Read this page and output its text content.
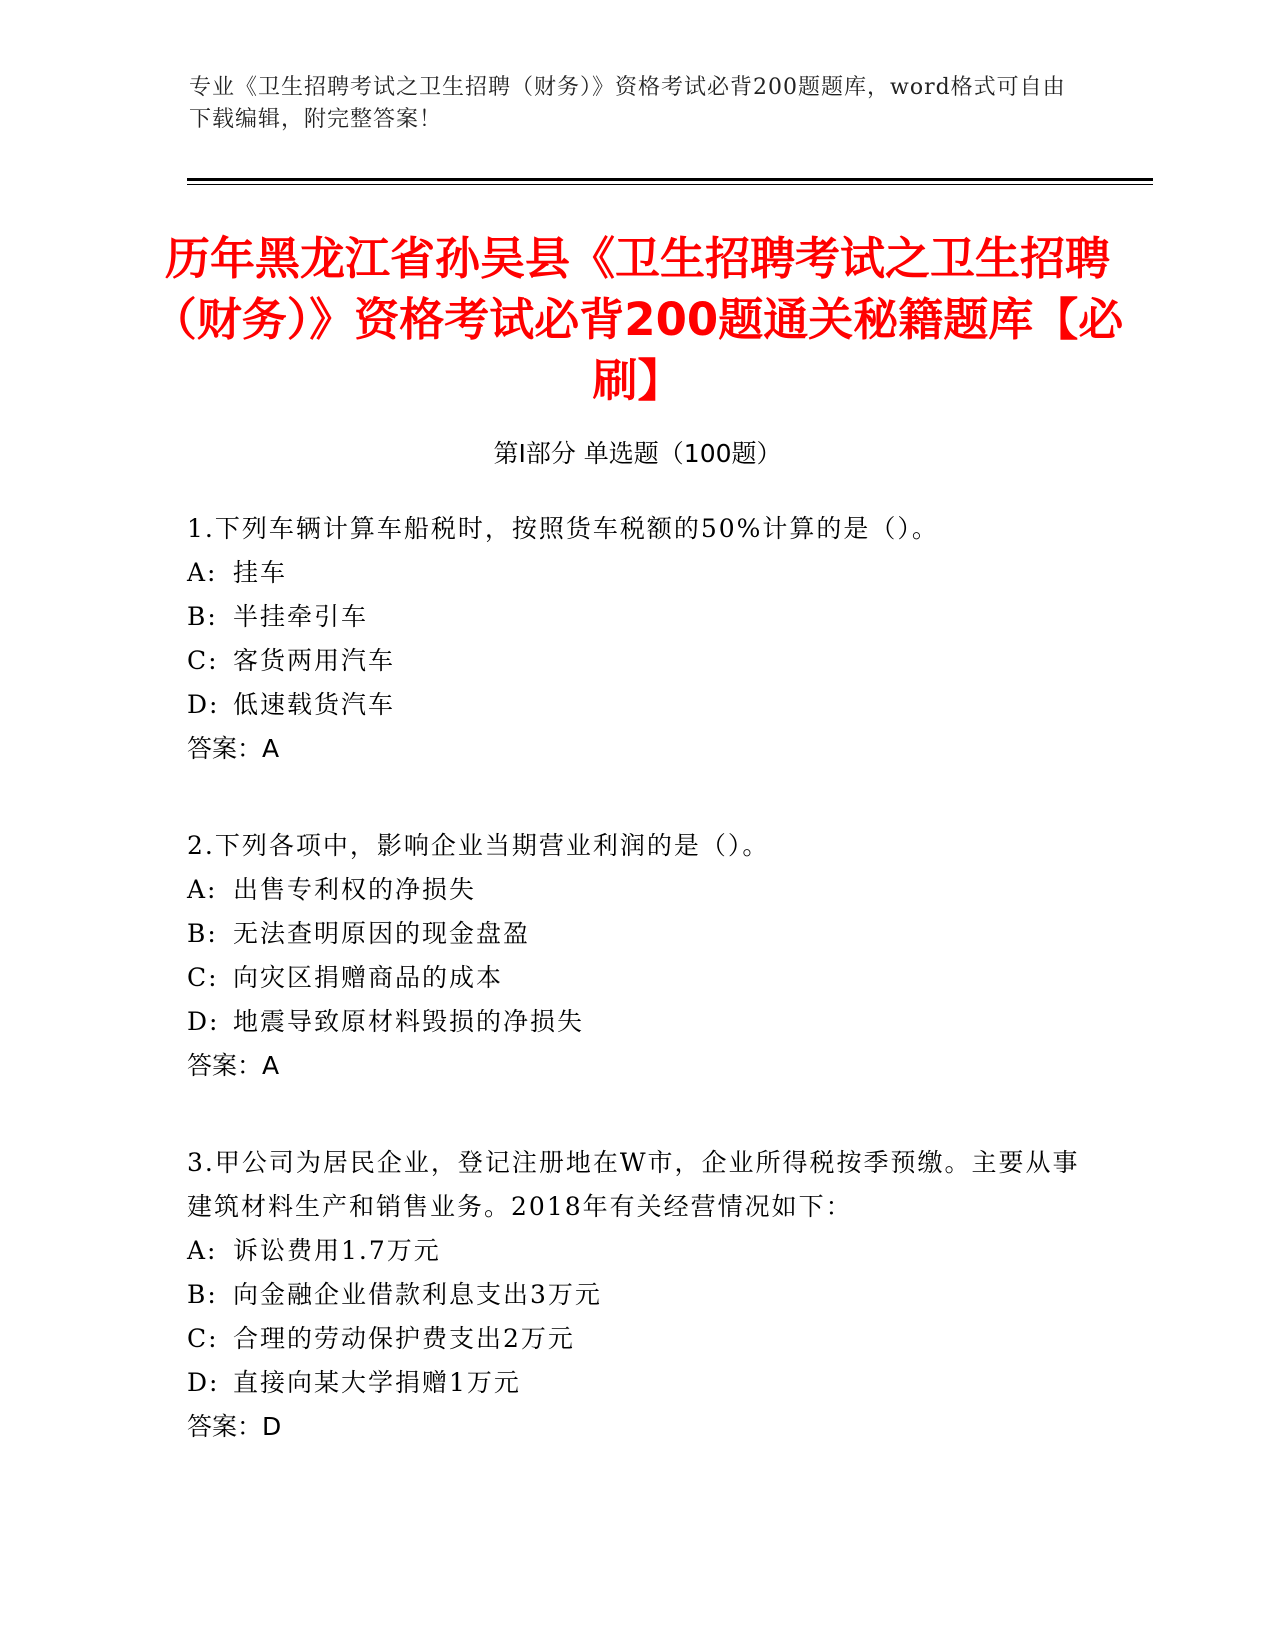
专业《卫生招聘考试之卫生招聘（财务）》资格考试必背200题题库，word格式可自由下载编辑，附完整答案！
历年黑龙江省孙吴县《卫生招聘考试之卫生招聘（财务）》资格考试必背200题通关秘籍题库【必刷】
第I部分 单选题（100题）
1.下列车辆计算车船税时，按照货车税额的50%计算的是（）。
A: 挂车
B: 半挂牵引车
C: 客货两用汽车
D: 低速载货汽车
答案：A
2.下列各项中，影响企业当期营业利润的是（）。
A: 出售专利权的净损失
B: 无法查明原因的现金盘盈
C: 向灾区捐赠商品的成本
D: 地震导致原材料毁损的净损失
答案：A
3.甲公司为居民企业，登记注册地在W市，企业所得税按季预缴。主要从事建筑材料生产和销售业务。2018年有关经营情况如下：
A: 诉讼费用1.7万元
B: 向金融企业借款利息支出3万元
C: 合理的劳动保护费支出2万元
D: 直接向某大学捐赠1万元
答案：D
